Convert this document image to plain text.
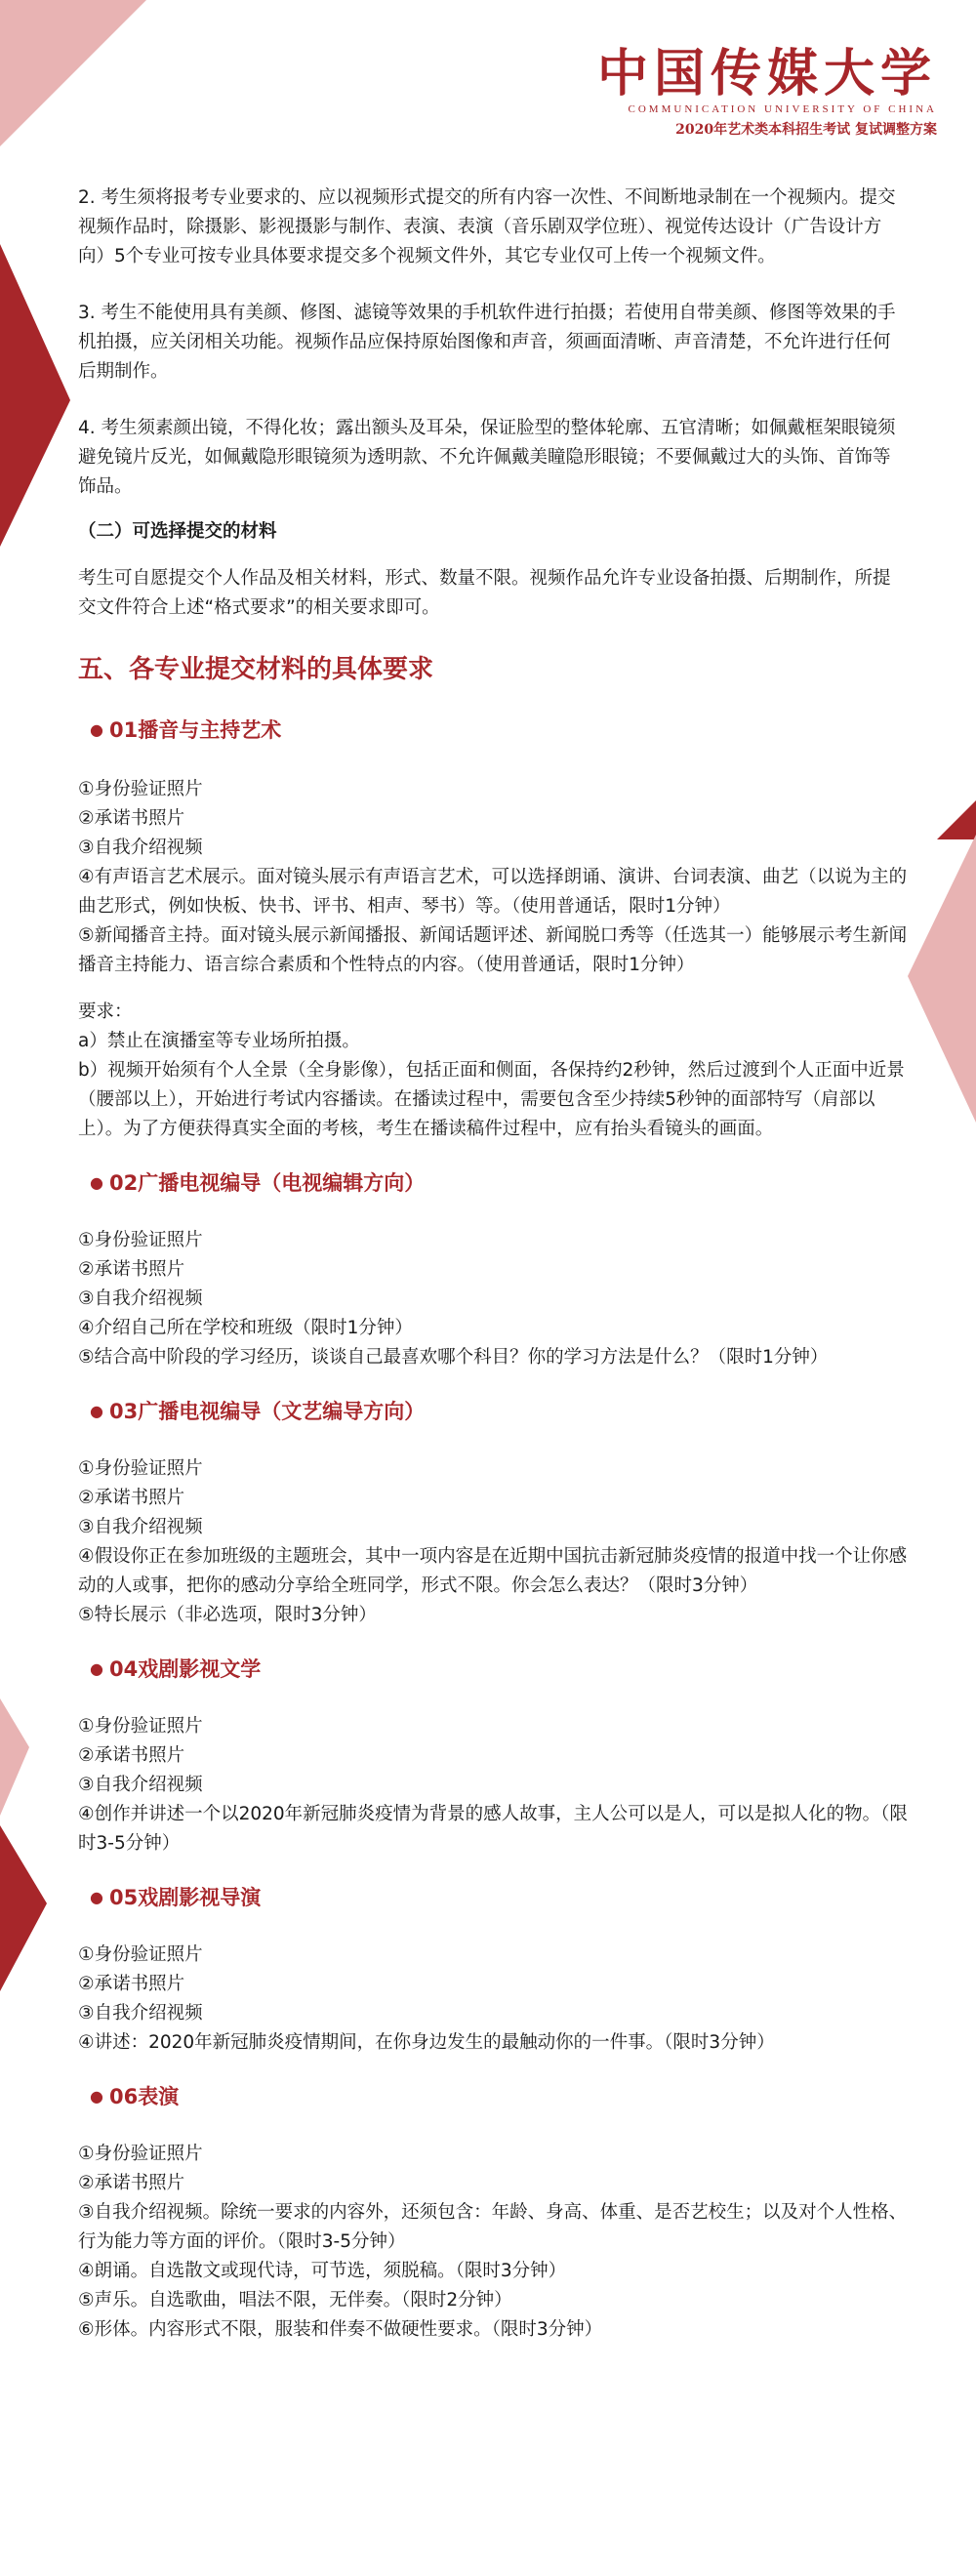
中国传媒大学
COMMUNICATION UNIVERSITY OF CHINA
2020年艺术类本科招生考试 复试调整方案

2. 考生须将报考专业要求的、应以视频形式提交的所有内容一次性、不间断地录制在一个视频内。提交视频作品时，除摄影、影视摄影与制作、表演、表演（音乐剧双学位班）、视觉传达设计（广告设计方向）5个专业可按专业具体要求提交多个视频文件外，其它专业仅可上传一个视频文件。

3. 考生不能使用具有美颜、修图、滤镜等效果的手机软件进行拍摄；若使用自带美颜、修图等效果的手机拍摄，应关闭相关功能。视频作品应保持原始图像和声音，须画面清晰、声音清楚，不允许进行任何后期制作。

4. 考生须素颜出镜，不得化妆；露出额头及耳朵，保证脸型的整体轮廓、五官清晰；如佩戴框架眼镜须避免镜片反光，如佩戴隐形眼镜须为透明款、不允许佩戴美瞳隐形眼镜；不要佩戴过大的头饰、首饰等饰品。

（二）可选择提交的材料

考生可自愿提交个人作品及相关材料，形式、数量不限。视频作品允许专业设备拍摄、后期制作，所提交文件符合上述“格式要求”的相关要求即可。

五、各专业提交材料的具体要求

● 01播音与主持艺术

①身份验证照片
②承诺书照片
③自我介绍视频
④有声语言艺术展示。面对镜头展示有声语言艺术，可以选择朗诵、演讲、台词表演、曲艺（以说为主的曲艺形式，例如快板、快书、评书、相声、琴书）等。（使用普通话，限时1分钟）
⑤新闻播音主持。面对镜头展示新闻播报、新闻话题评述、新闻脱口秀等（任选其一）能够展示考生新闻播音主持能力、语言综合素质和个性特点的内容。（使用普通话，限时1分钟）

要求：

a）禁止在演播室等专业场所拍摄。
b）视频开始须有个人全景（全身影像），包括正面和侧面，各保持约2秒钟，然后过渡到个人正面中近景（腰部以上），开始进行考试内容播读。在播读过程中，需要包含至少持续5秒钟的面部特写（肩部以上）。为了方便获得真实全面的考核，考生在播读稿件过程中，应有抬头看镜头的画面。

● 02广播电视编导（电视编辑方向）

①身份验证照片
②承诺书照片
③自我介绍视频
④介绍自己所在学校和班级（限时1分钟）
⑤结合高中阶段的学习经历，谈谈自己最喜欢哪个科目？你的学习方法是什么？（限时1分钟）

● 03广播电视编导（文艺编导方向）

①身份验证照片
②承诺书照片
③自我介绍视频
④假设你正在参加班级的主题班会，其中一项内容是在近期中国抗击新冠肺炎疫情的报道中找一个让你感动的人或事，把你的感动分享给全班同学，形式不限。你会怎么表达？（限时3分钟）
⑤特长展示（非必选项，限时3分钟）

● 04戏剧影视文学

①身份验证照片
②承诺书照片
③自我介绍视频
④创作并讲述一个以2020年新冠肺炎疫情为背景的感人故事，主人公可以是人，可以是拟人化的物。（限时3-5分钟）

● 05戏剧影视导演

①身份验证照片
②承诺书照片
③自我介绍视频
④讲述：2020年新冠肺炎疫情期间，在你身边发生的最触动你的一件事。（限时3分钟）

● 06表演

①身份验证照片
②承诺书照片
③自我介绍视频。除统一要求的内容外，还须包含：年龄、身高、体重、是否艺校生；以及对个人性格、行为能力等方面的评价。（限时3-5分钟）
④朗诵。自选散文或现代诗，可节选，须脱稿。（限时3分钟）
⑤声乐。自选歌曲，唱法不限，无伴奏。（限时2分钟）
⑥形体。内容形式不限，服装和伴奏不做硬性要求。（限时3分钟）
